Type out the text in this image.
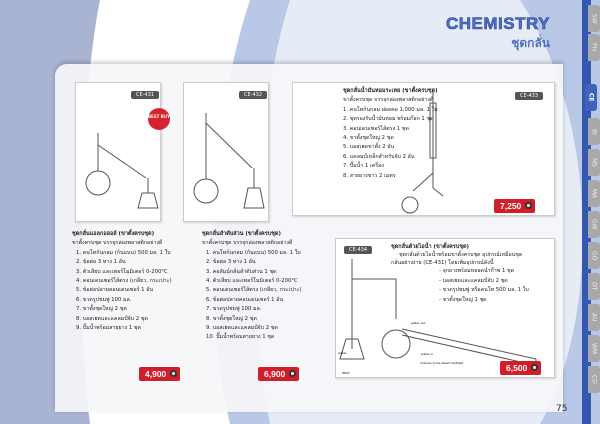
CHEMISTRY
ชุดกลั่น
CE-431
BEST BUY
ชุดกลั่นแอลกอฮอล์ (ขาตั้งครบชุด)
ขาตั้งครบชุด บรรจุกล่องพลาสติกอย่างดี
1. คนโทก้นกลม (ก้นแบน) 500 มล. 1 ใบ
2. ข้อต่อ 3 ทาง 1 อัน
3. ตัวเสียบ และเทอร์โมมิเตอร์ 0-200°C
4. คอนเดนเซอร์ไส้ตรง (เกลียว, กระเปาะ)
5. ข้อต่อปลายคอนเดนเซอร์ 1 อัน
6. ขวดรูปชมพู่ 100 มล.
7. ขาตั้งชุดใหญ่ 2 ชุด
8. บอสเฮดและแคลมป์จับ 2 ชุด
9. ปั๊มน้ำพร้อมสายยาง 1 ชุด
4,900
CE-432
ชุดกลั่นลำดับส่วน (ขาตั้งครบชุด)
ขาตั้งครบชุด บรรจุกล่องพลาสติกอย่างดี
1. คนโทก้นกลม (ก้นแบน) 500 มล. 1 ใบ
2. ข้อต่อ 3 ทาง 1 อัน
3. คอลัมน์กลั่นลำดับส่วน 1 ชุด
4. ตัวเสียบ และเทอร์โมมิเตอร์ 0-200°C
5. คอนเดนเซอร์ไส้ตรง (เกลียว, กระเปาะ)
6. ข้อต่อปลายคอนเดนเซอร์ 1 อัน
7. ขวดรูปชมพู่ 100 มล.
8. ขาตั้งชุดใหญ่ 2 ชุด
9. บอสเฮดและแคลมป์จับ 2 ชุด
10. ปั๊มน้ำพร้อมสายยาง 1 ชุด
6,900
CE-433
ชุดกลั่นน้ำมันหอมระเหย (ขาตั้งครบชุด)
ขาตั้งครบชุด บรรจุกล่องพลาสติกอย่างดี
1. คนโทก้นกลม ฝอยคอ 1,000 มล. 1 ใบ
2. ชุดรองรับน้ำมันหอม พร้อมก๊อก 1 ชุด
3. คอนเดนเซอร์ไส้ตรง 1 ชุด
4. ขาตั้งชุดใหญ่ 2 ชุด
5. บอสเฮดขาตั้ง 2 อัน
6. แคลมป์เหล็กสำหรับจับ 2 อัน
7. ปั๊มน้ำ 1 เครื่อง
8. สายยางขาว 2 เมตร
7,250
CE-434	ชุดกลั่นด้วยไอน้ำ (ขาตั้งครบชุด)
ชุดกลั่นด้วยไอน้ำพร้อมขาตั้งครบชุด อุปกรณ์เหมือนชุด
กลั่นอย่างง่าย (CE-431) โดยเพิ่มอุปกรณ์ดังนี้
- จุกยางพร้อมหลอดนำก๊าซ 1 ชุด
- บอสเฮดและแคลมป์จับ 2 ชุด
- ขวดรูปชมพู่ หรือคนโท 500 มล. 1 ใบ
- ขาตั้งชุดใหญ่ 1 ชุด
water	water in
water out
mixture to be steam distilled
HEAT	6,500
75
SW
PH
CE
BI
MS
MA
GW
GO
OT
AU
WM
CD
